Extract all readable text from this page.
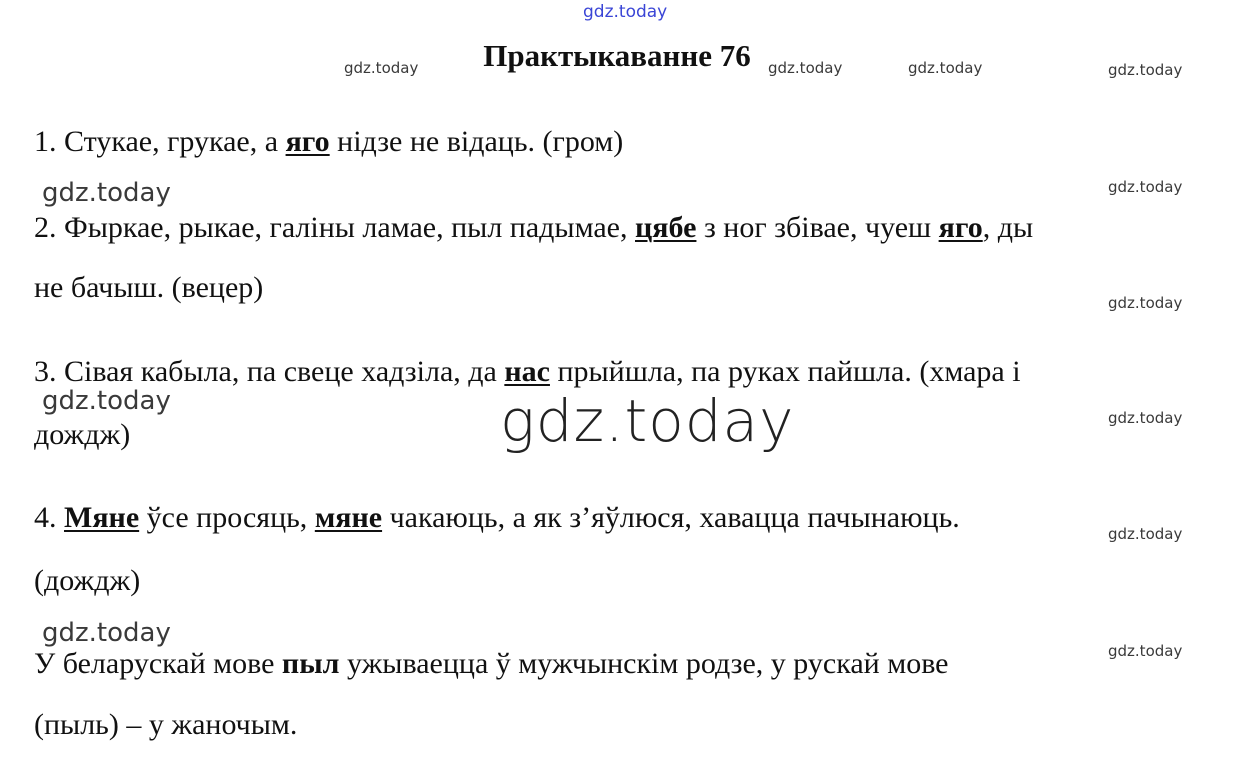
gdz.today
gdz.today	gdz.today	gdz.today	gdz.today
gdz.today
gdz.today
gdz.today
gdz.today
gdz.today
gdz.today
gdz.today
gdz.today
gdz.today
Практыкаванне 76
1. Стукае, грукае, а яго нідзе не відаць. (гром)
2. Фыркае, рыкае, галіны ламае, пыл падымае, цябе з ног збівае, чуеш яго, ды
не бачыш. (вецер)
3. Сівая кабыла, па свеце хадзіла, да нас прыйшла, па руках пайшла. (хмара і
дождж)
4. Мяне ўсе просяць, мяне чакаюць, а як з’яўлюся, хавацца пачынаюць.
(дождж)
У беларускай мове пыл ужываецца ў мужчынскім родзе, у рускай мове
(пыль) – у жаночым.
